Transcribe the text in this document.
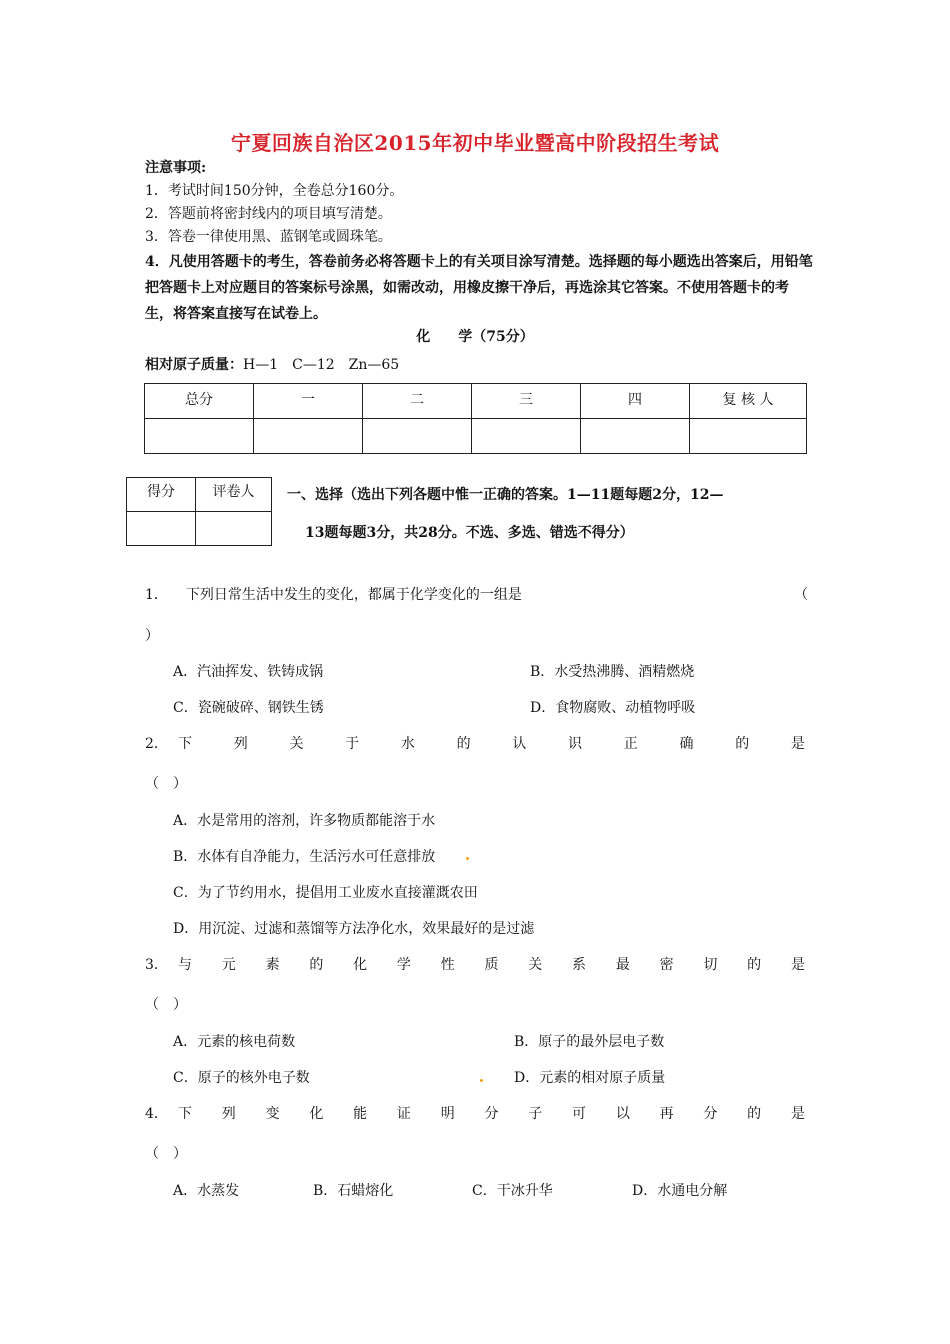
宁夏回族自治区2015年初中毕业暨高中阶段招生考试
注意事项:
1．考试时间150分钟，全卷总分160分。
2．答题前将密封线内的项目填写清楚。
3．答卷一律使用黑、蓝钢笔或圆珠笔。
4．凡使用答题卡的考生，答卷前务必将答题卡上的有关项目涂写清楚。选择题的每小题选出答案后，用铅笔把答题卡上对应题目的答案标号涂黑，如需改动，用橡皮擦干净后，再选涂其它答案。不使用答题卡的考生，将答案直接写在试卷上。
化　　学（75分）
相对原子质量：H—1　C—12　Zn—65
总分	一	二	三	四	复 核 人

得分	评卷人
	一、选择（选出下列各题中惟一正确的答案。1—11题每题2分，12—
13题每题3分，共28分。不选、多选、错选不得分）
1． 下列日常生活中发生的变化，都属于化学变化的一组是	（
）
A．汽油挥发、铁铸成锅	B．水受热沸腾、酒精燃烧
C．瓷碗破碎、钢铁生锈	D．食物腐败、动植物呼吸
2． 下	列	关	于	水	的	认	识	正	确	的	是
（　）
A．水是常用的溶剂，许多物质都能溶于水
B．水体有自净能力，生活污水可任意排放
C．为了节约用水，提倡用工业废水直接灌溉农田
D．用沉淀、过滤和蒸馏等方法净化水，效果最好的是过滤
3． 与 元 素 的 化 学 性 质 关 系 最 密 切 的 是
（　）
A．元素的核电荷数	B．原子的最外层电子数
C．原子的核外电子数	D．元素的相对原子质量
4． 下 列 变 化 能 证 明 分 子 可 以 再 分 的 是
（　）
A．水蒸发	B．石蜡熔化	C．干冰升华	D．水通电分解
